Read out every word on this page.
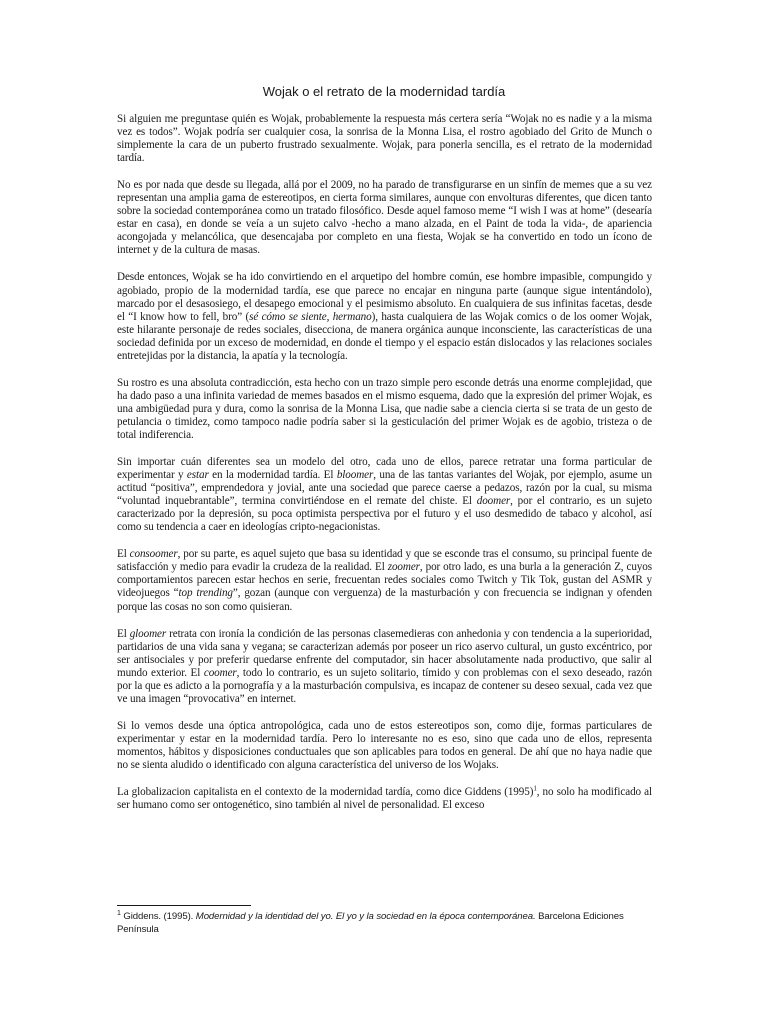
Wojak o el retrato de la modernidad tardía

Si alguien me preguntase quién es Wojak, probablemente la respuesta más certera sería “Wojak no es nadie y a la misma vez es todos”. Wojak podría ser cualquier cosa, la sonrisa de la Monna Lisa, el rostro agobiado del Grito de Munch o simplemente la cara de un puberto frustrado sexualmente. Wojak, para ponerla sencilla, es el retrato de la modernidad tardía.

No es por nada que desde su llegada, allá por el 2009, no ha parado de transfigurarse en un sinfín de memes que a su vez representan una amplia gama de estereotipos, en cierta forma similares, aunque con envolturas diferentes, que dicen tanto sobre la sociedad contemporánea como un tratado filosófico. Desde aquel famoso meme “I wish I was at home” (desearía estar en casa), en donde se veía a un sujeto calvo -hecho a mano alzada, en el Paint de toda la vida-, de apariencia acongojada y melancólica, que desencajaba por completo en una fiesta, Wojak se ha convertido en todo un ícono de internet y de la cultura de masas.

Desde entonces, Wojak se ha ido convirtiendo en el arquetipo del hombre común, ese hombre impasible, compungido y agobiado, propio de la modernidad tardía, ese que parece no encajar en ninguna parte (aunque sigue intentándolo), marcado por el desasosiego, el desapego emocional y el pesimismo absoluto. En cualquiera de sus infinitas facetas, desde el “I know how to fell, bro” (sé cómo se siente, hermano), hasta cualquiera de las Wojak comics o de los oomer Wojak, este hilarante personaje de redes sociales, disecciona, de manera orgánica aunque inconsciente, las características de una sociedad definida por un exceso de modernidad, en donde el tiempo y el espacio están dislocados y las relaciones sociales entretejidas por la distancia, la apatía y la tecnología.

Su rostro es una absoluta contradicción, esta hecho con un trazo simple pero esconde detrás una enorme complejidad, que ha dado paso a una infinita variedad de memes basados en el mismo esquema, dado que la expresión del primer Wojak, es una ambigüedad pura y dura, como la sonrisa de la Monna Lisa, que nadie sabe a ciencia cierta si se trata de un gesto de petulancia o timidez, como tampoco nadie podría saber si la gesticulación del primer Wojak es de agobio, tristeza o de total indiferencia.

Sin importar cuán diferentes sea un modelo del otro, cada uno de ellos, parece retratar una forma particular de experimentar y estar en la modernidad tardía. El bloomer, una de las tantas variantes del Wojak, por ejemplo, asume un actitud “positiva”, emprendedora y jovial, ante una sociedad que parece caerse a pedazos, razón por la cual, su misma “voluntad inquebrantable”, termina convirtiéndose en el remate del chiste. El doomer, por el contrario, es un sujeto caracterizado por la depresión, su poca optimista perspectiva por el futuro y el uso desmedido de tabaco y alcohol, así como su tendencia a caer en ideologías cripto-negacionistas.

El consoomer, por su parte, es aquel sujeto que basa su identidad y que se esconde tras el consumo, su principal fuente de satisfacción y medio para evadir la crudeza de la realidad. El zoomer, por otro lado, es una burla a la generación Z, cuyos comportamientos parecen estar hechos en serie, frecuentan redes sociales como Twitch y Tik Tok, gustan del ASMR y videojuegos “top trending”, gozan (aunque con verguenza) de la masturbación y con frecuencia se indignan y ofenden porque las cosas no son como quisieran.

El gloomer retrata con ironía la condición de las personas clasemedieras con anhedonia y con tendencia a la superioridad, partidarios de una vida sana y vegana; se caracterizan además por poseer un rico aservo cultural, un gusto excéntrico, por ser antisociales y por preferir quedarse enfrente del computador, sin hacer absolutamente nada productivo, que salir al mundo exterior. El coomer, todo lo contrario, es un sujeto solitario, tímido y con problemas con el sexo deseado, razón por la que es adicto a la pornografía y a la masturbación compulsiva, es incapaz de contener su deseo sexual, cada vez que ve una imagen “provocativa” en internet.

Si lo vemos desde una óptica antropológica, cada uno de estos estereotipos son, como dije, formas particulares de experimentar y estar en la modernidad tardía. Pero lo interesante no es eso, sino que cada uno de ellos, representa momentos, hábitos y disposiciones conductuales que son aplicables para todos en general. De ahí que no haya nadie que no se sienta aludido o identificado con alguna característica del universo de los Wojaks.

La globalizacion capitalista en el contexto de la modernidad tardía, como dice Giddens $(1995)^1$, no solo ha modificado al ser humano como ser ontogenético, sino también al nivel de personalidad. El exceso

$^1$ Giddens. (1995). Modernidad y la identidad del yo. El yo y la sociedad en la época contemporánea. Barcelona Ediciones Península
